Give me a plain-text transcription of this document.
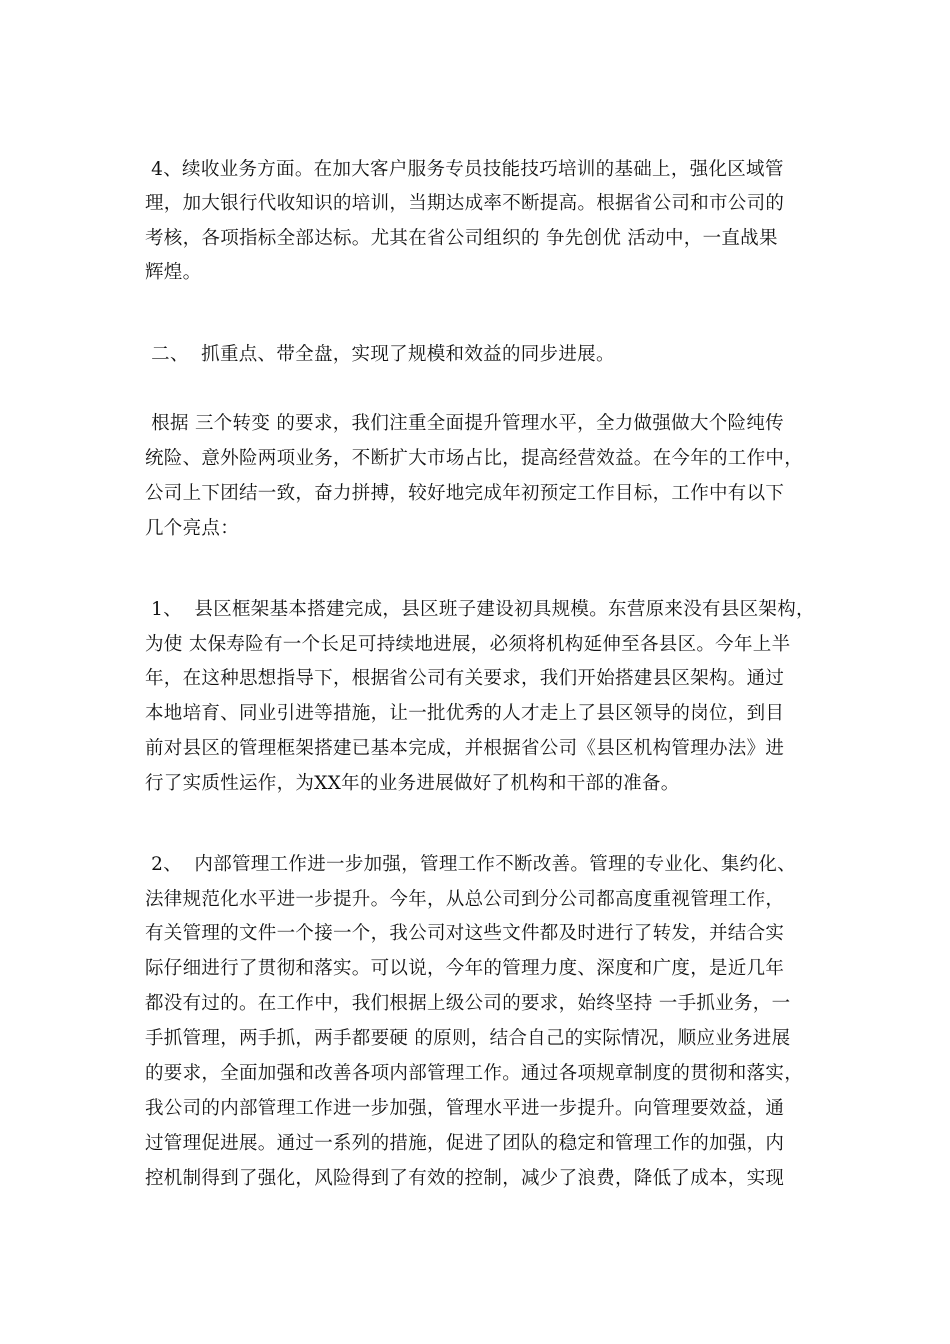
4、续收业务方面。在加大客户服务专员技能技巧培训的基础上，强化区域管
理，加大银行代收知识的培训，当期达成率不断提高。根据省公司和市公司的
考核，各项指标全部达标。尤其在省公司组织的 争先创优 活动中，一直战果
辉煌。
二、  抓重点、带全盘，实现了规模和效益的同步进展。
根据 三个转变 的要求，我们注重全面提升管理水平，全力做强做大个险纯传
统险、意外险两项业务，不断扩大市场占比，提高经营效益。在今年的工作中，
公司上下团结一致，奋力拼搏，较好地完成年初预定工作目标，工作中有以下
几个亮点：
1、  县区框架基本搭建完成，县区班子建设初具规模。东营原来没有县区架构，
为使 太保寿险有一个长足可持续地进展，必须将机构延伸至各县区。今年上半
年，在这种思想指导下，根据省公司有关要求，我们开始搭建县区架构。通过
本地培育、同业引进等措施，让一批优秀的人才走上了县区领导的岗位，到目
前对县区的管理框架搭建已基本完成，并根据省公司《县区机构管理办法》进
行了实质性运作，为XX年的业务进展做好了机构和干部的准备。
2、  内部管理工作进一步加强，管理工作不断改善。管理的专业化、集约化、
法律规范化水平进一步提升。今年，从总公司到分公司都高度重视管理工作，
有关管理的文件一个接一个，我公司对这些文件都及时进行了转发，并结合实
际仔细进行了贯彻和落实。可以说，今年的管理力度、深度和广度，是近几年
都没有过的。在工作中，我们根据上级公司的要求，始终坚持 一手抓业务，一
手抓管理，两手抓，两手都要硬 的原则，结合自己的实际情况，顺应业务进展
的要求，全面加强和改善各项内部管理工作。通过各项规章制度的贯彻和落实，
我公司的内部管理工作进一步加强，管理水平进一步提升。向管理要效益，通
过管理促进展。通过一系列的措施，促进了团队的稳定和管理工作的加强，内
控机制得到了强化，风险得到了有效的控制，减少了浪费，降低了成本，实现
